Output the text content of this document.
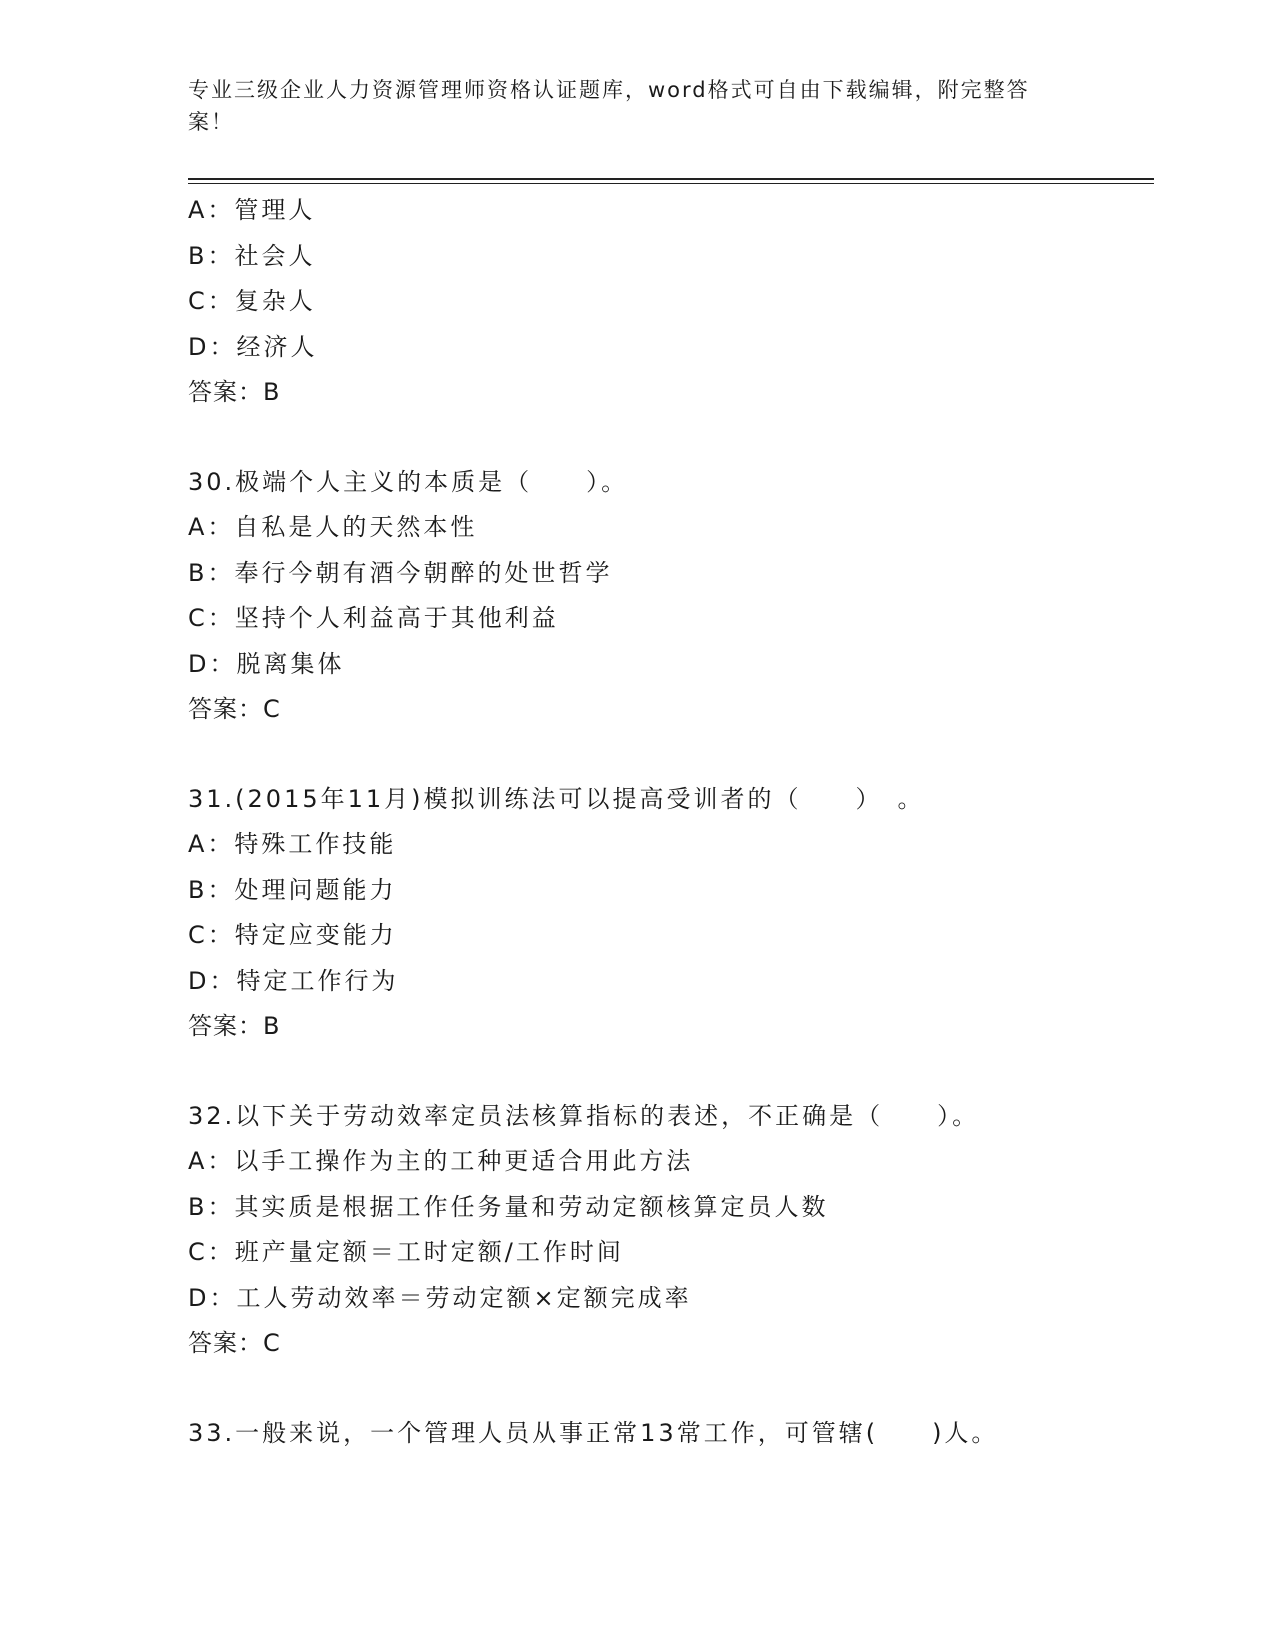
专业三级企业人力资源管理师资格认证题库，word格式可自由下载编辑，附完整答案！
A：管理人
B：社会人
C：复杂人
D：经济人
答案：B
30.极端个人主义的本质是（　　）。
A：自私是人的天然本性
B：奉行今朝有酒今朝醉的处世哲学
C：坚持个人利益高于其他利益
D：脱离集体
答案：C
31.(2015年11月)模拟训练法可以提高受训者的（　　）　。
A：特殊工作技能
B：处理问题能力
C：特定应变能力
D：特定工作行为
答案：B
32.以下关于劳动效率定员法核算指标的表述，不正确是（　　）。
A：以手工操作为主的工种更适合用此方法
B：其实质是根据工作任务量和劳动定额核算定员人数
C：班产量定额＝工时定额/工作时间
D：工人劳动效率＝劳动定额×定额完成率
答案：C
33.一般来说，一个管理人员从事正常13常工作，可管辖(　　)人。
